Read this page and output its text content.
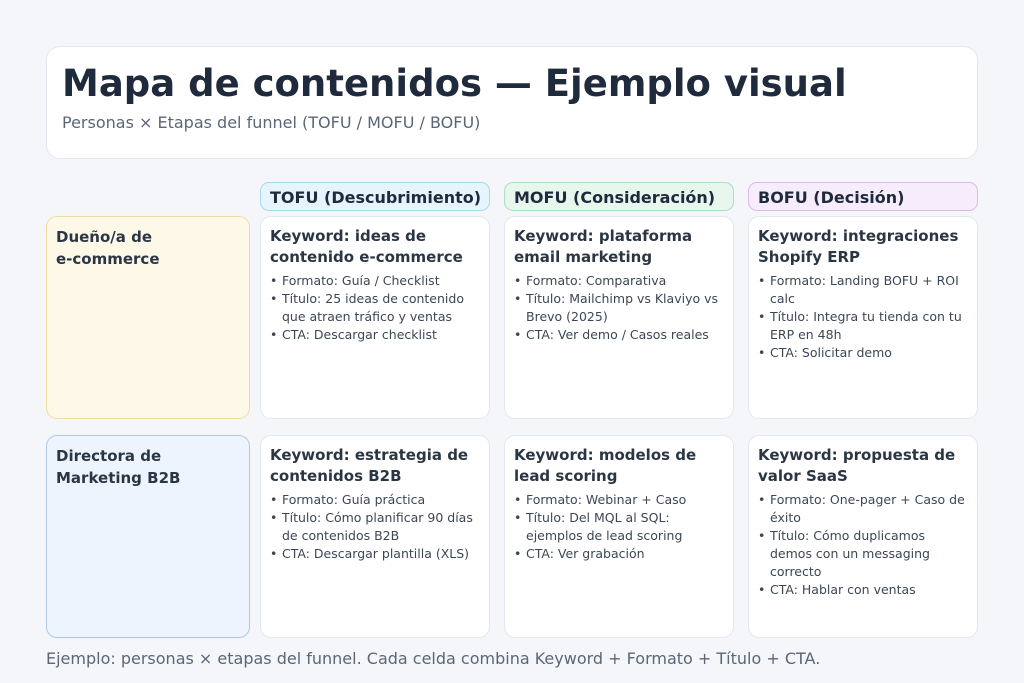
Mapa de contenidos — Ejemplo visual
Personas × Etapas del funnel (TOFU / MOFU / BOFU)
TOFU (Descubrimiento)	MOFU (Consideración)	BOFU (Decisión)
Dueño/a de e‑commerce
Directora de Marketing B2B
Keyword: ideas de contenido e‑commerce
• Formato: Guía / Checklist
• Título: 25 ideas de contenido que atraen tráfico y ventas
• CTA: Descargar checklist
Keyword: plataforma email marketing
• Formato: Comparativa
• Título: Mailchimp vs Klaviyo vs Brevo (2025)
• CTA: Ver demo / Casos reales
Keyword: integraciones Shopify ERP
• Formato: Landing BOFU + ROI calc
• Título: Integra tu tienda con tu ERP en 48h
• CTA: Solicitar demo
Keyword: estrategia de contenidos B2B
• Formato: Guía práctica
• Título: Cómo planificar 90 días de contenidos B2B
• CTA: Descargar plantilla (XLS)
Keyword: modelos de lead scoring
• Formato: Webinar + Caso
• Título: Del MQL al SQL: ejemplos de lead scoring
• CTA: Ver grabación
Keyword: propuesta de valor SaaS
• Formato: One‑pager + Caso de éxito
• Título: Cómo duplicamos demos con un messaging correcto
• CTA: Hablar con ventas
Ejemplo: personas × etapas del funnel. Cada celda combina Keyword + Formato + Título + CTA.
